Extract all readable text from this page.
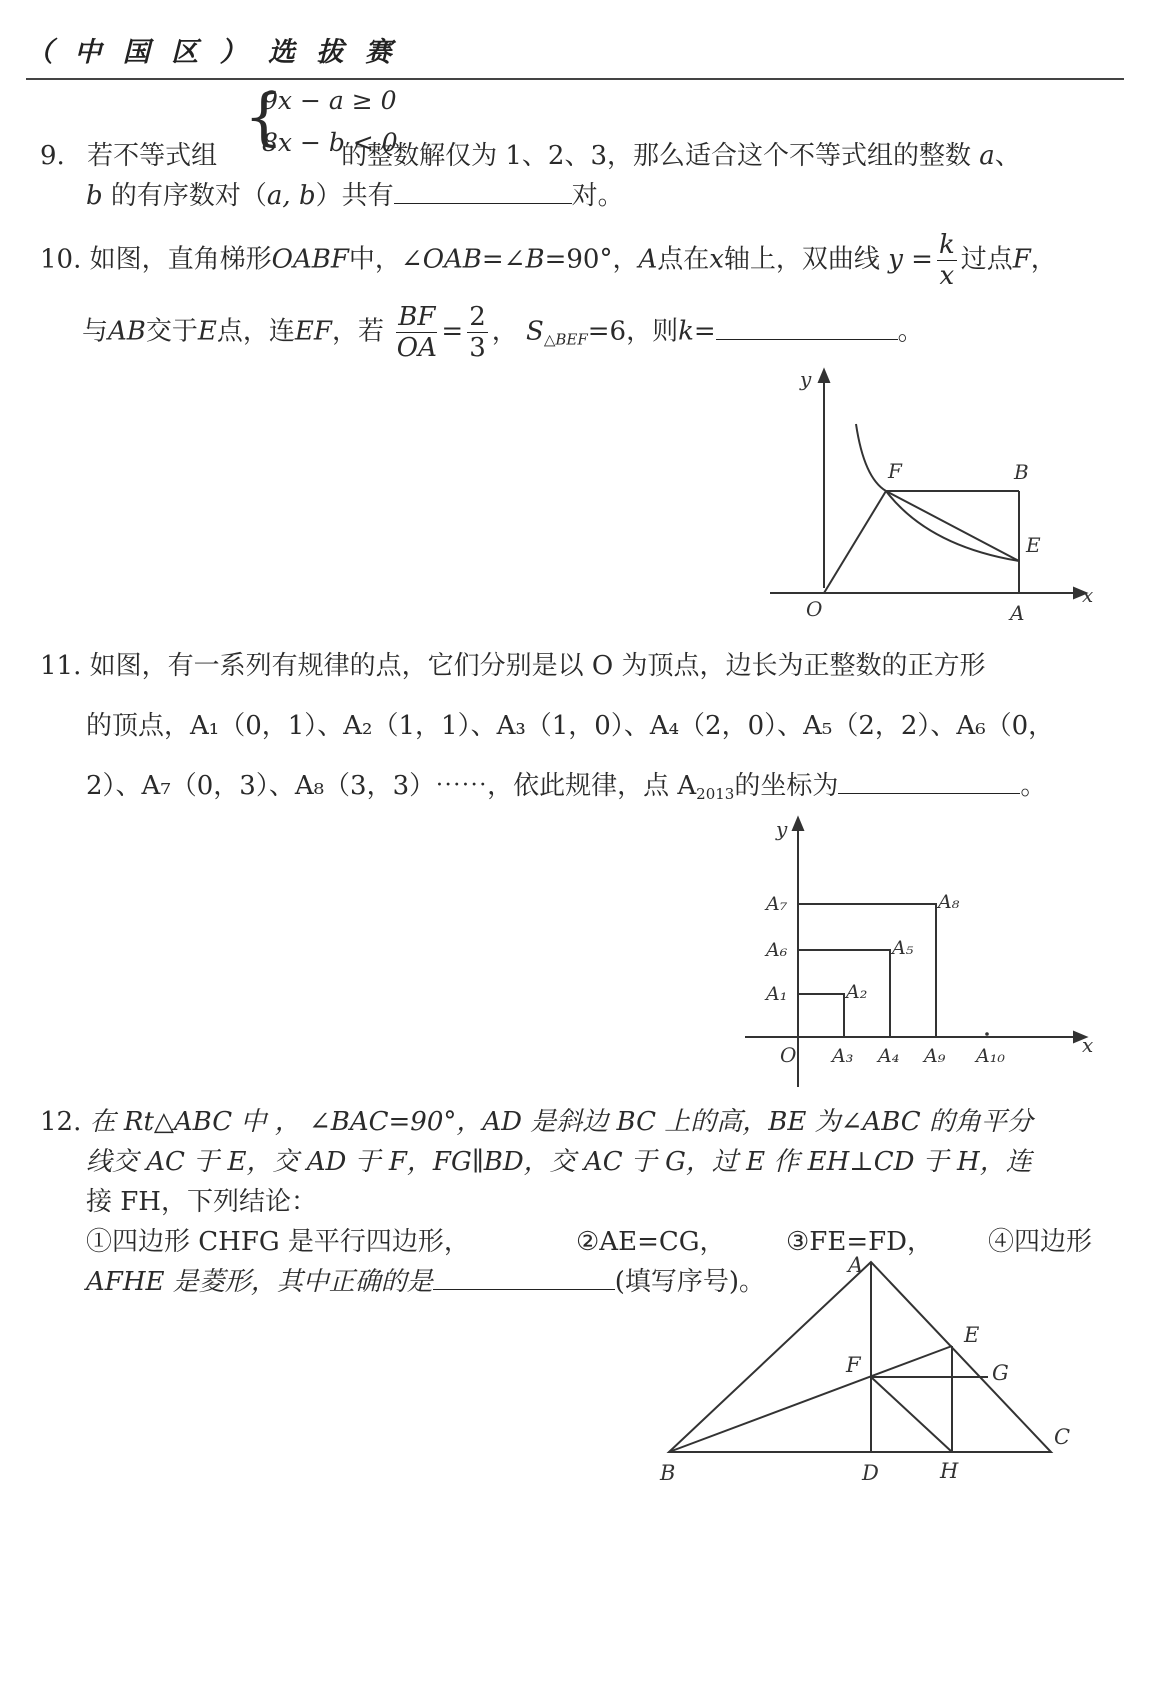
（ 中 国 区 ） 选 拔 赛
{
9x − a ≥ 0
8x − b < 0
9. 若不等式组	的整数解仅为 1、2、3，那么适合这个不等式组的整数 a、
b 的有序数对（a, b）共有	对。
10. 如图，直角梯形OABF中，∠OAB=∠B=90°，A点在x轴上，双曲线 $y = \frac{k}{x}$ 过点F，
与AB交于E点，连EF，若 $\frac{BF}{OA} = \frac{2}{3}$ ， $S_{\triangle BEF}=6$，则k=	。
y
x
O	A
F	B
E
11. 如图，有一系列有规律的点，它们分别是以 O 为顶点，边长为正整数的正方形
的顶点，A₁（0，1）、A₂（1，1）、A₃（1，0）、A₄（2，0）、A₅（2，2）、A₆（0，
2）、A₇（0，3）、A₈（3，3）⋯⋯，依此规律，点 $A_{2013}$的坐标为	。
y
x
O
A₁
A₆
A₇
A₂
A₅
A₈
A₃ A₄ A₉ A₁₀
12. 在 Rt△ABC 中 ， ∠BAC=90°，AD 是斜边 BC 上的高，BE 为∠ABC 的角平分
线交 AC 于 E，交 AD 于 F，FG∥BD，交 AC 于 G，过 E 作 EH⊥CD 于 H，连
接 FH，下列结论：
①四边形 CHFG 是平行四边形，	②AE=CG， ③FE=FD， ④四边形
AFHE 是菱形，其中正确的是	(填写序号)。
A
B
C
D
E
F	G
H
